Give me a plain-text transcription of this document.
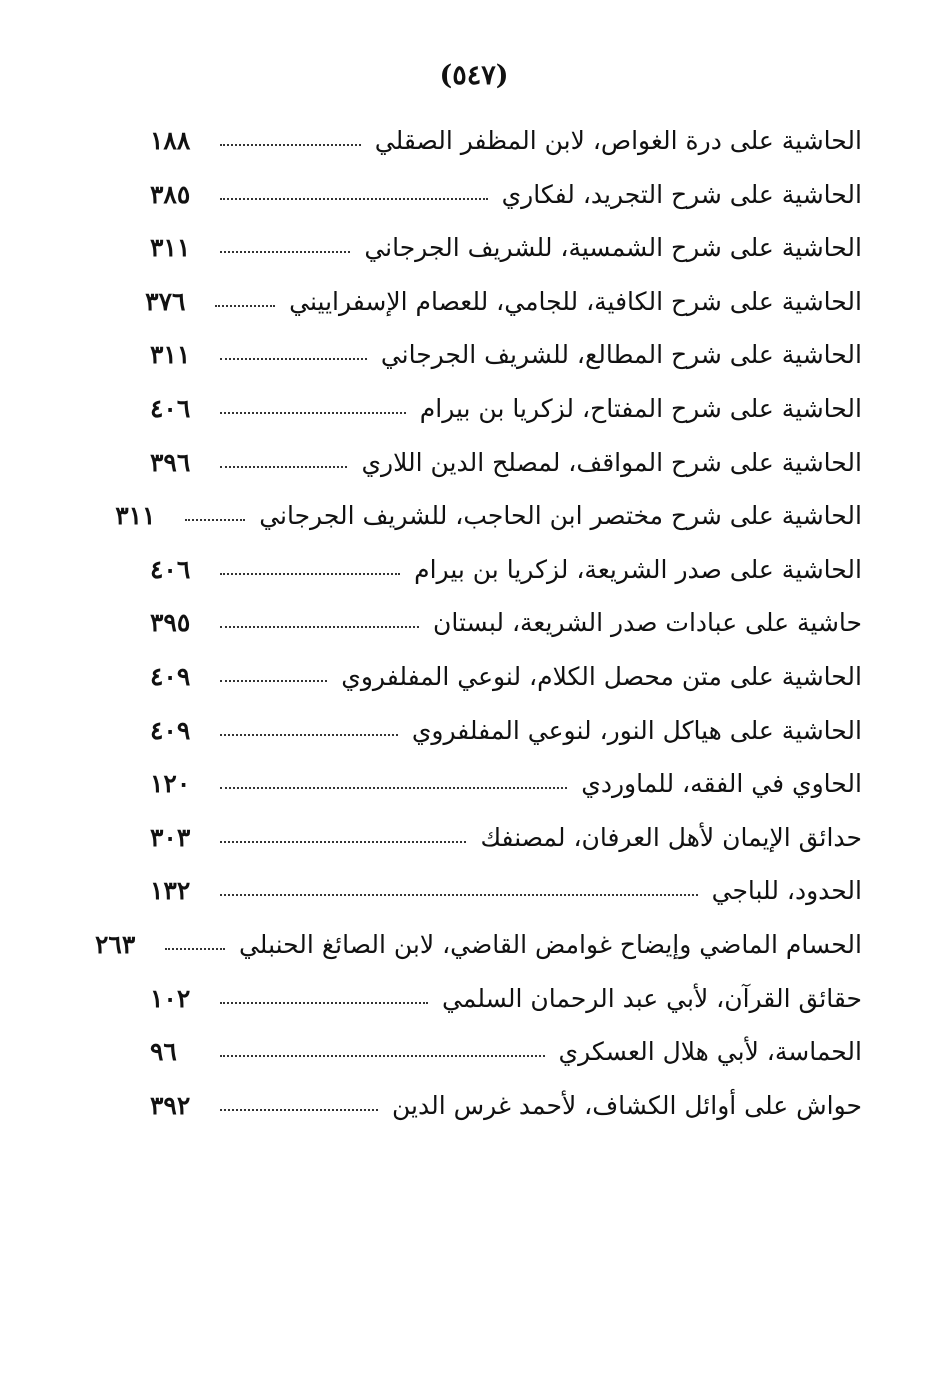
(٥٤٧)
الحاشية على درة الغواص، لابن المظفر الصقلي
١٨٨
الحاشية على شرح التجريد، لفكاري
٣٨٥
الحاشية على شرح الشمسية، للشريف الجرجاني
٣١١
الحاشية على شرح الكافية، للجامي، للعصام الإسفراييني
٣٧٦
الحاشية على شرح المطالع، للشريف الجرجاني
٣١١
الحاشية على شرح المفتاح، لزكريا بن بيرام
٤٠٦
الحاشية على شرح المواقف، لمصلح الدين اللاري
٣٩٦
الحاشية على شرح مختصر ابن الحاجب، للشريف الجرجاني
٣١١
الحاشية على صدر الشريعة، لزكريا بن بيرام
٤٠٦
حاشية على عبادات صدر الشريعة، لبستان
٣٩٥
الحاشية على متن محصل الكلام، لنوعي المفلفروي
٤٠٩
الحاشية على هياكل النور، لنوعي المفلفروي
٤٠٩
الحاوي في الفقه، للماوردي
١٢٠
حدائق الإيمان لأهل العرفان، لمصنفك
٣٠٣
الحدود، للباجي
١٣٢
الحسام الماضي وإيضاح غوامض القاضي، لابن الصائغ الحنبلي
٢٦٣
حقائق القرآن، لأبي عبد الرحمان السلمي
١٠٢
الحماسة، لأبي هلال العسكري
٩٦
حواش على أوائل الكشاف، لأحمد غرس الدين
٣٩٢
